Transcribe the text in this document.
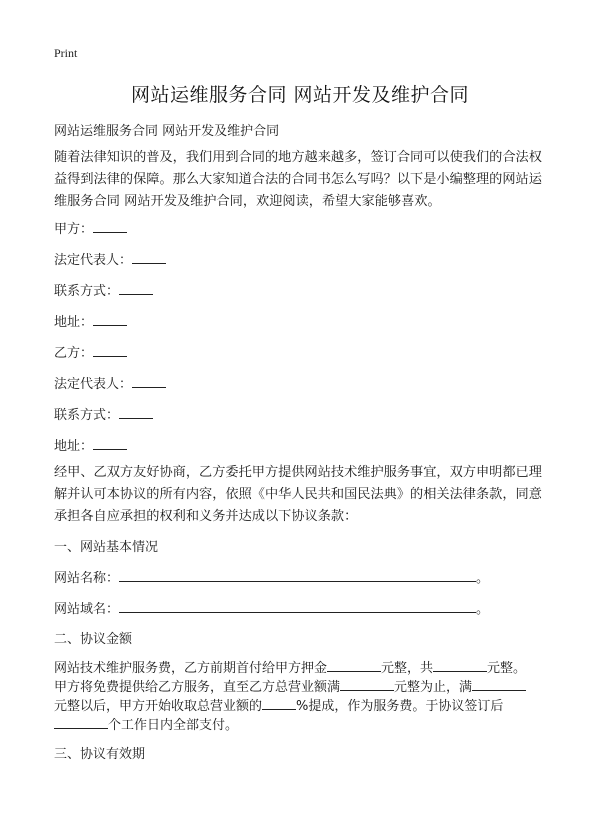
Print
网站运维服务合同 网站开发及维护合同
网站运维服务合同 网站开发及维护合同
随着法律知识的普及，我们用到合同的地方越来越多，签订合同可以使我们的合法权益得到法律的保障。那么大家知道合法的合同书怎么写吗？以下是小编整理的网站运维服务合同 网站开发及维护合同，欢迎阅读，希望大家能够喜欢。
甲方：
法定代表人：
联系方式：
地址：
乙方：
法定代表人：
联系方式：
地址：
经甲、乙双方友好协商，乙方委托甲方提供网站技术维护服务事宜，双方申明都已理解并认可本协议的所有内容，依照《中华人民共和国民法典》的相关法律条款，同意承担各自应承担的权利和义务并达成以下协议条款：
一、网站基本情况
网站名称：	。
网站域名：	。
二、协议金额
网站技术维护服务费，乙方前期首付给甲方押金	元整，共	元整。
甲方将免费提供给乙方服务，直至乙方总营业额满	元整为止，满
元整以后，甲方开始收取总营业额的	%提成，作为服务费。于协议签订后
个工作日内全部支付。
三、协议有效期
